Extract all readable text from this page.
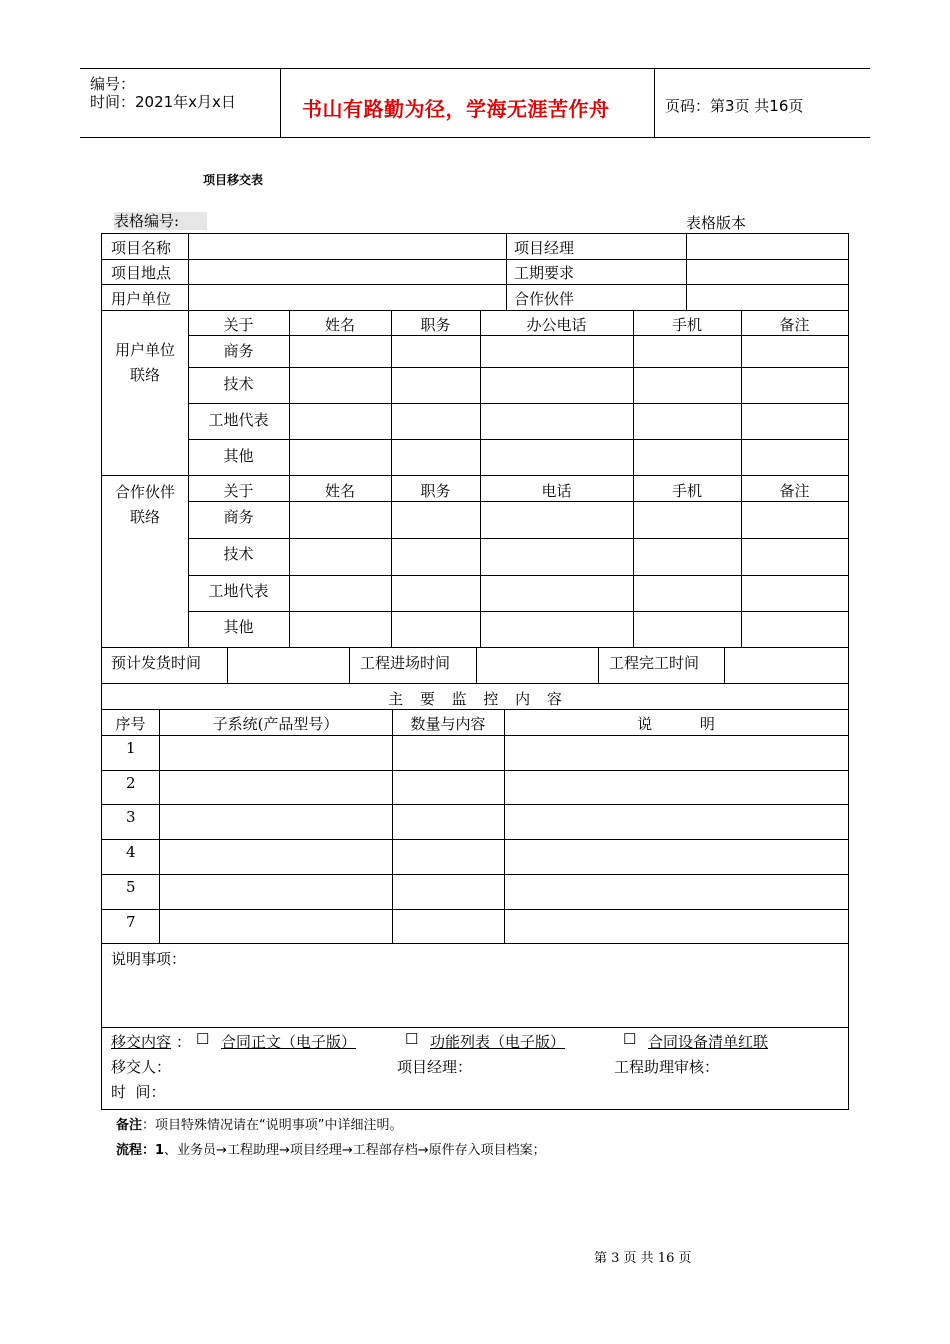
编号：
时间：2021年x月x日	书山有路勤为径，学海无涯苦作舟	页码：第3页 共16页
项目移交表
表格编号:	表格版本
项目名称	项目经理
项目地点	工期要求
用户单位	合作伙伴
用户单位
联络
关于	姓名	职务	办公电话	手机	备注
商务
技术
工地代表
其他
合作伙伴
联络
关于	姓名	职务	电话	手机	备注
商务
技术
工地代表
其他
预计发货时间	工程进场时间	工程完工时间
主 要 监 控 内 容
序号	子系统(产品型号）	数量与内容	说          明
1
2
3
4
5
7
说明事项：
移交内容 ： ☐ 合同正文（电子版）	☐ 功能列表（电子版）	☐ 合同设备清单红联
移交人：	项目经理：	工程助理审核：
时  间：
备注：项目特殊情况请在“说明事项”中详细注明。
流程：1、业务员→工程助理→项目经理→工程部存档→原件存入项目档案；
第 3 页 共 16 页
